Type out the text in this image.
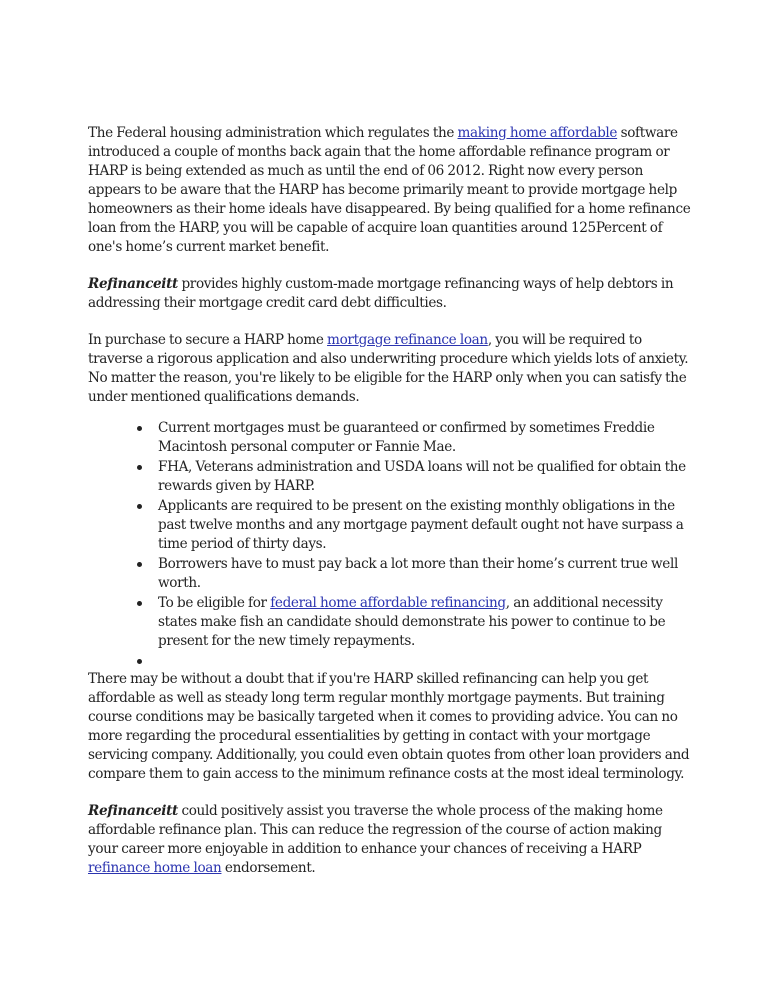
The Federal housing administration which regulates the making home affordable software introduced a couple of months back again that the home affordable refinance program or HARP is being extended as much as until the end of 06 2012. Right now every person appears to be aware that the HARP has become primarily meant to provide mortgage help homeowners as their home ideals have disappeared. By being qualified for a home refinance loan from the HARP, you will be capable of acquire loan quantities around 125Percent of one's home’s current market benefit.

Refinanceitt provides highly custom-made mortgage refinancing ways of help debtors in addressing their mortgage credit card debt difficulties.

In purchase to secure a HARP home mortgage refinance loan, you will be required to traverse a rigorous application and also underwriting procedure which yields lots of anxiety. No matter the reason, you're likely to be eligible for the HARP only when you can satisfy the under mentioned qualifications demands.

Current mortgages must be guaranteed or confirmed by sometimes Freddie Macintosh personal computer or Fannie Mae.
FHA, Veterans administration and USDA loans will not be qualified for obtain the rewards given by HARP.
Applicants are required to be present on the existing monthly obligations in the past twelve months and any mortgage payment default ought not have surpass a time period of thirty days.
Borrowers have to must pay back a lot more than their home’s current true well worth.
To be eligible for federal home affordable refinancing, an additional necessity states make fish an candidate should demonstrate his power to continue to be present for the new timely repayments.

There may be without a doubt that if you're HARP skilled refinancing can help you get affordable as well as steady long term regular monthly mortgage payments. But training course conditions may be basically targeted when it comes to providing advice. You can no more regarding the procedural essentialities by getting in contact with your mortgage servicing company. Additionally, you could even obtain quotes from other loan providers and compare them to gain access to the minimum refinance costs at the most ideal terminology.

Refinanceitt could positively assist you traverse the whole process of the making home affordable refinance plan. This can reduce the regression of the course of action making your career more enjoyable in addition to enhance your chances of receiving a HARP refinance home loan endorsement.
